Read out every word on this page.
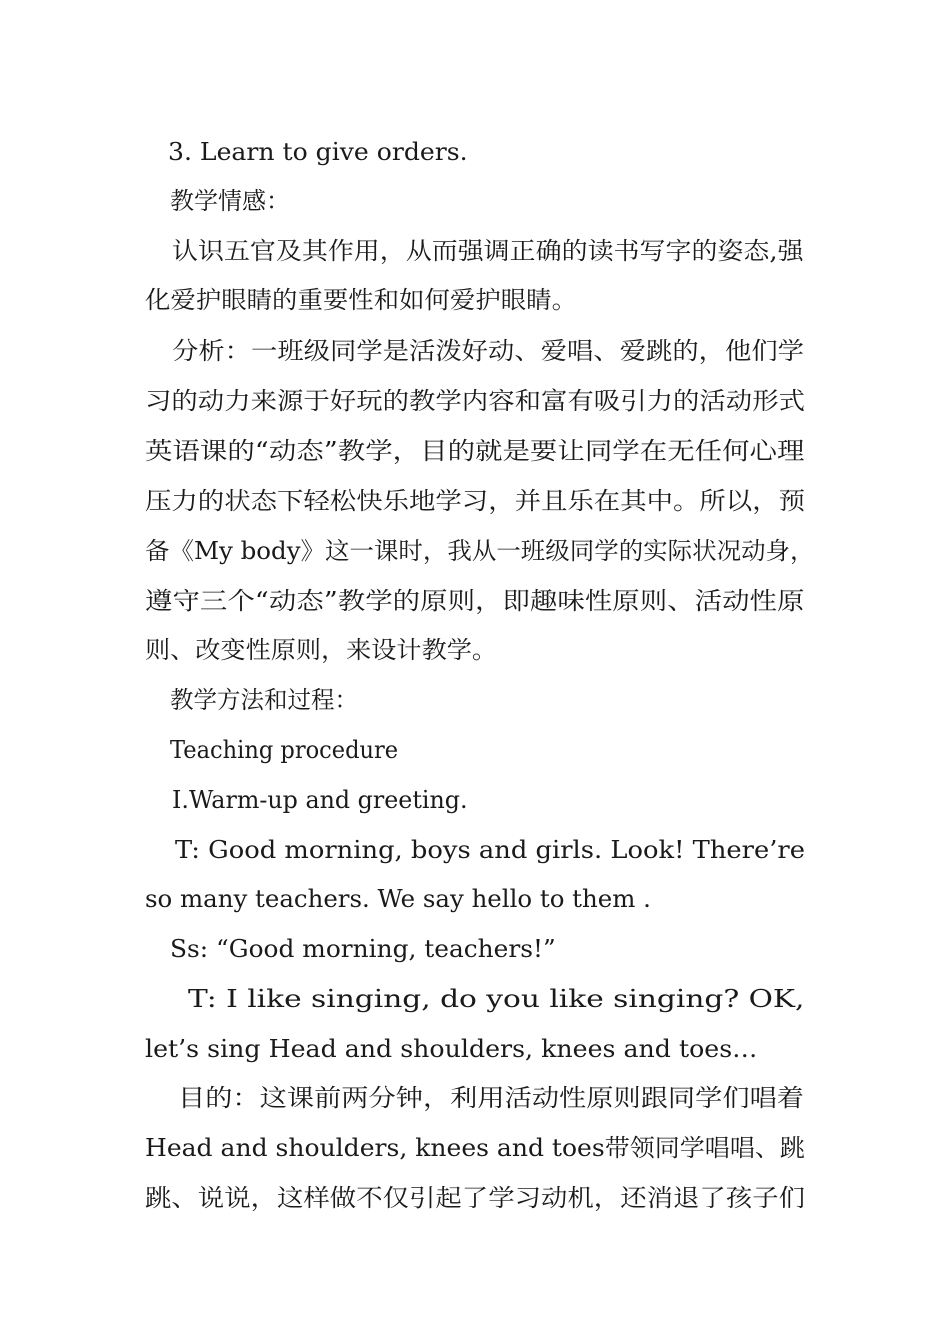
3. Learn to give orders.
教学情感：
认识五官及其作用，从而强调正确的读书写字的姿态,强
化爱护眼睛的重要性和如何爱护眼睛。
分析：一班级同学是活泼好动、爱唱、爱跳的，他们学
习的动力来源于好玩的教学内容和富有吸引力的活动形式
英语课的“动态”教学，目的就是要让同学在无任何心理
压力的状态下轻松快乐地学习，并且乐在其中。所以，预
备《My body》这一课时，我从一班级同学的实际状况动身，
遵守三个“动态”教学的原则，即趣味性原则、活动性原
则、改变性原则，来设计教学。
教学方法和过程：
Teaching procedure
Ⅰ.Warm-up and greeting.
T: Good morning, boys and girls. Look! There’re
so many teachers. We say hello to them .
Ss: “Good morning, teachers!”
T: I like singing, do you like singing? OK,
let’s sing Head and shoulders, knees and toes…
目的：这课前两分钟，利用活动性原则跟同学们唱着
Head and shoulders, knees and toes带领同学唱唱、跳
跳、说说，这样做不仅引起了学习动机，还消退了孩子们
